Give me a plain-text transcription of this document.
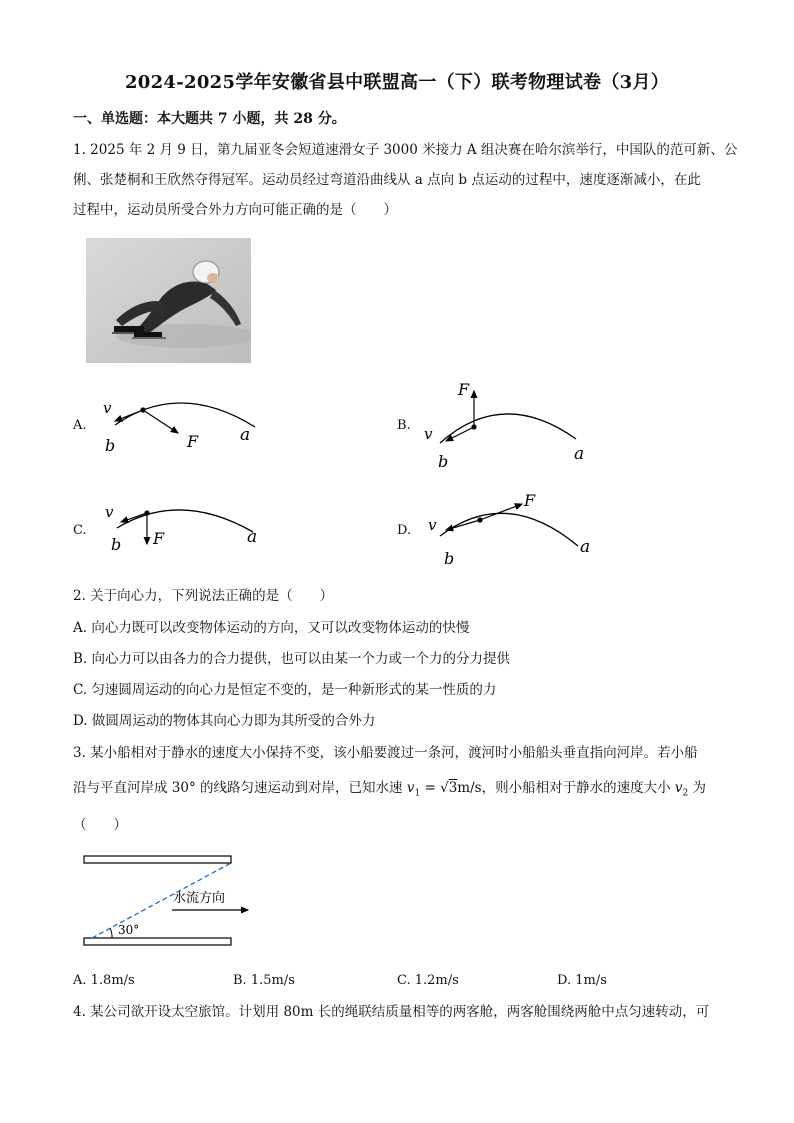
2024-2025学年安徽省县中联盟高一（下）联考物理试卷（3月）
一、单选题：本大题共 7 小题，共 28 分。
1. 2025 年 2 月 9 日，第九届亚冬会短道速滑女子 3000 米接力 A 组决赛在哈尔滨举行，中国队的范可新、公
俐、张楚桐和王欣然夺得冠军。运动员经过弯道沿曲线从 a 点向 b 点运动的过程中，速度逐渐减小，在此
过程中，运动员所受合外力方向可能正确的是（　　）
A.
v
b	F a	B. v
b
F
a
C.
v
b F	a	D. v
b
F
a
2. 关于向心力，下列说法正确的是（　　）
A. 向心力既可以改变物体运动的方向，又可以改变物体运动的快慢
B. 向心力可以由各力的合力提供，也可以由某一个力或一个力的分力提供
C. 匀速圆周运动的向心力是恒定不变的，是一种新形式的某一性质的力
D. 做圆周运动的物体其向心力即为其所受的合外力
3. 某小船相对于静水的速度大小保持不变，该小船要渡过一条河，渡河时小船船头垂直指向河岸。若小船
沿与平直河岸成 30° 的线路匀速运动到对岸，已知水速 $v_1 = √3m/s$，则小船相对于静水的速度大小 $v_2$ 为
（　　）
30°
水流方向
A. 1.8m/s	B. 1.5m/s	C. 1.2m/s	D. 1m/s
4. 某公司欲开设太空旅馆。计划用 80m 长的绳联结质量相等的两客舱，两客舱围绕两舱中点匀速转动，可
